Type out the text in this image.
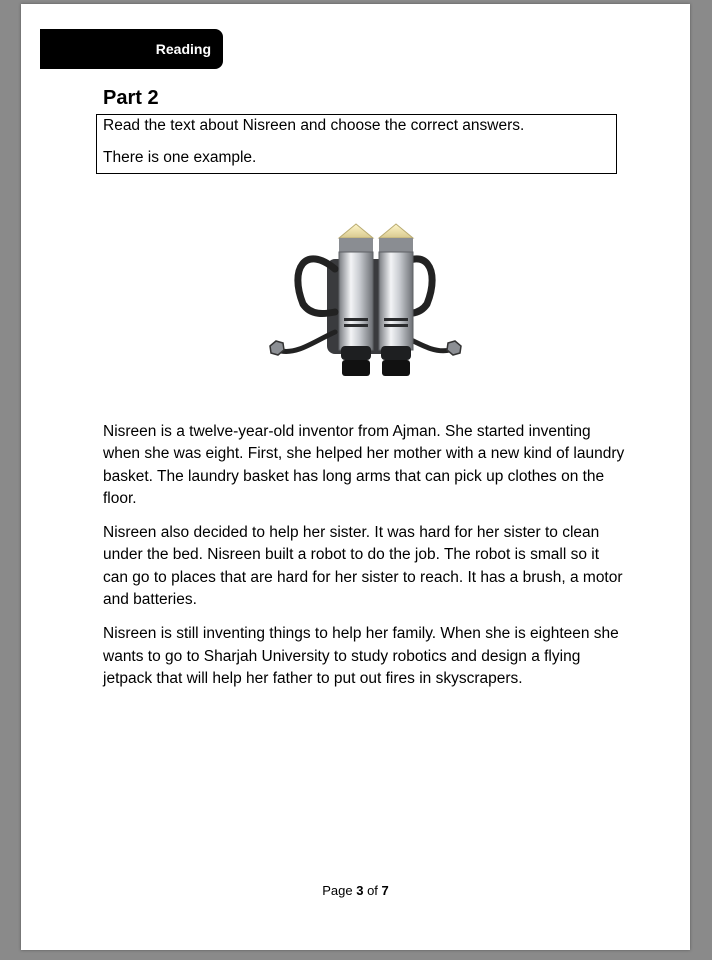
Reading
Part 2

Read the text about Nisreen and choose the correct answers.

There is one example.

Nisreen is a twelve-year-old inventor from Ajman. She started inventing when she was eight. First, she helped her mother with a new kind of laundry basket. The laundry basket has long arms that can pick up clothes on the floor.

Nisreen also decided to help her sister. It was hard for her sister to clean under the bed. Nisreen built a robot to do the job. The robot is small so it can go to places that are hard for her sister to reach. It has a brush, a motor and batteries.

Nisreen is still inventing things to help her family. When she is eighteen she wants to go to Sharjah University to study robotics and design a flying jetpack that will help her father to put out fires in skyscrapers.

Page 3 of 7
